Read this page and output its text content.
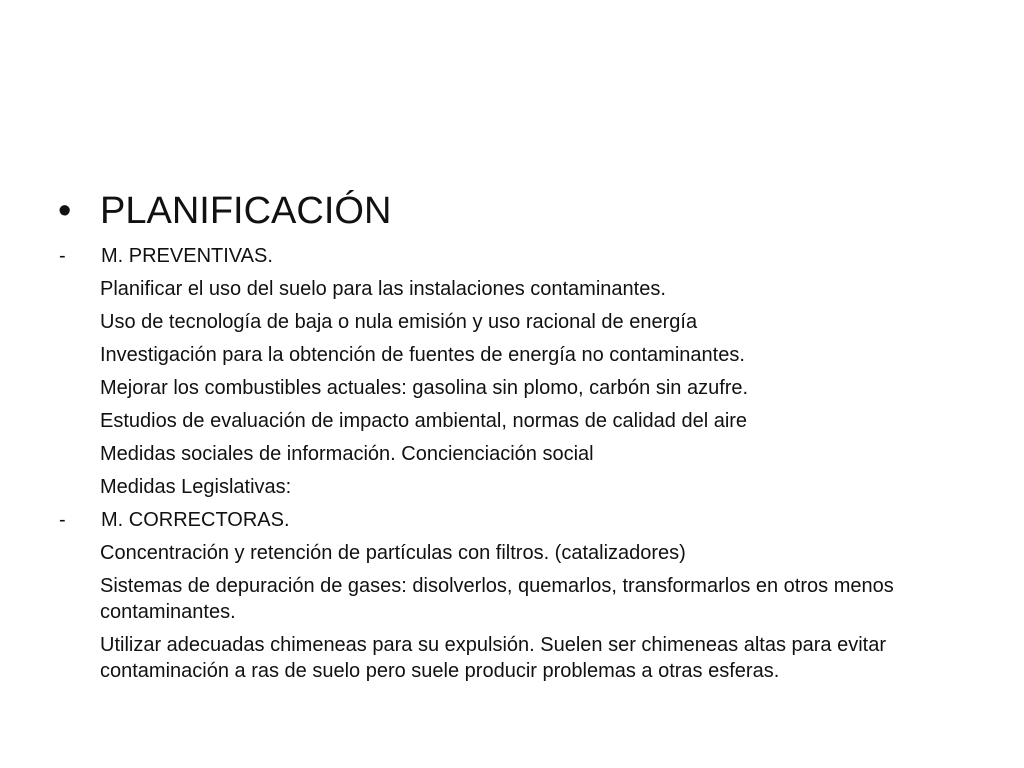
• PLANIFICACIÓN
-	M. PREVENTIVAS.
Planificar el uso del suelo para las instalaciones contaminantes.
Uso de tecnología de baja o nula emisión y uso racional de energía
Investigación para la obtención de fuentes de energía no contaminantes.
Mejorar los combustibles actuales: gasolina sin plomo, carbón sin azufre.
Estudios de evaluación de impacto ambiental, normas de calidad del aire
Medidas sociales de información. Concienciación social
Medidas Legislativas:
-	M. CORRECTORAS.
Concentración y retención de partículas con filtros. (catalizadores)
Sistemas de depuración de gases: disolverlos, quemarlos, transformarlos en otros menos contaminantes.
Utilizar adecuadas chimeneas para su expulsión. Suelen ser chimeneas altas para evitar contaminación a ras de suelo pero suele producir problemas a otras esferas.
